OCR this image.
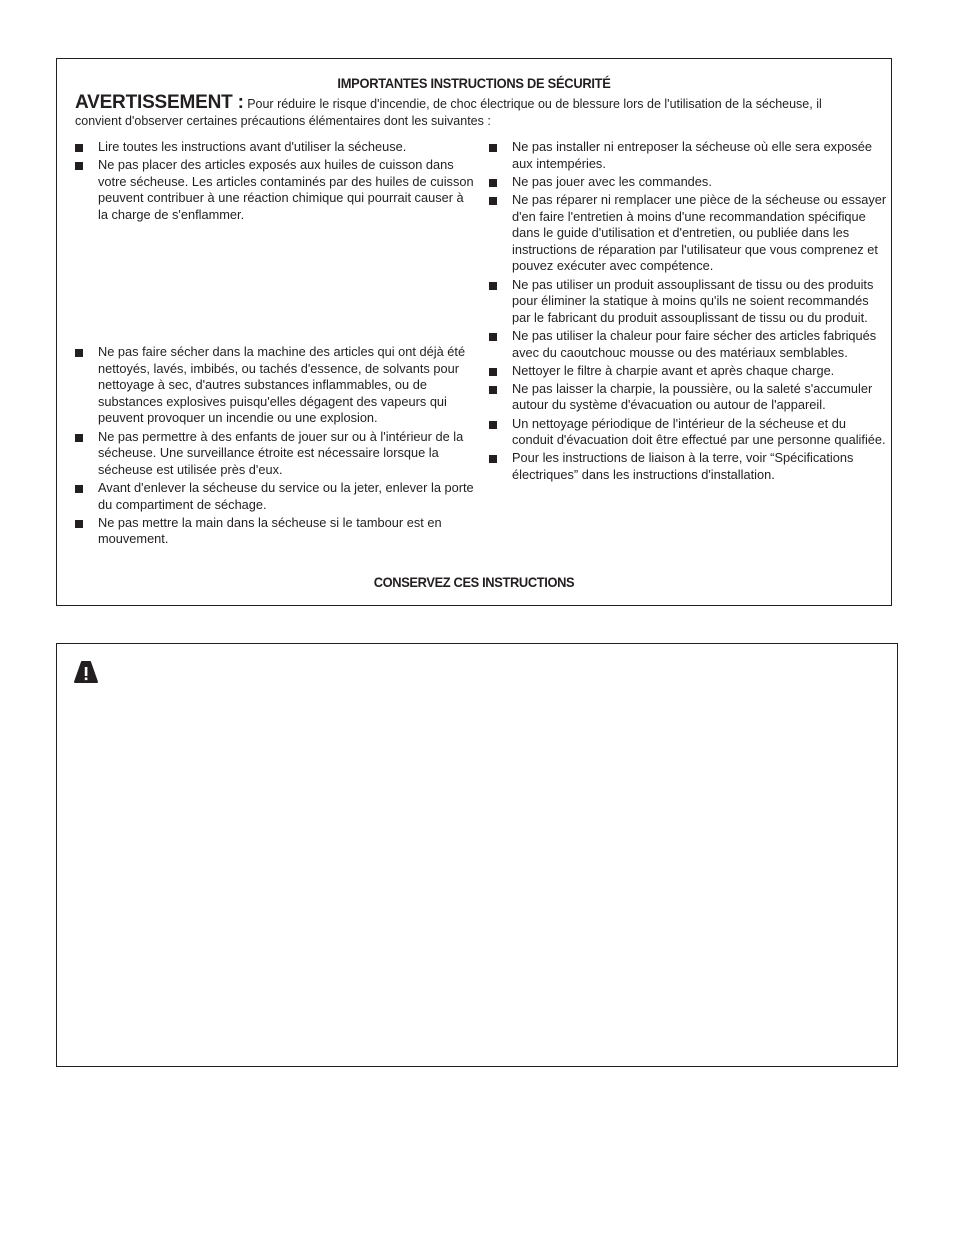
IMPORTANTES INSTRUCTIONS DE SÉCURITÉ
AVERTISSEMENT : Pour réduire le risque d'incendie, de choc électrique ou de blessure lors de l'utilisation de la sécheuse, il convient d'observer certaines précautions élémentaires dont les suivantes :
Lire toutes les instructions avant d'utiliser la sécheuse.
Ne pas placer des articles exposés aux huiles de cuisson dans votre sécheuse. Les articles contaminés par des huiles de cuisson peuvent contribuer à une réaction chimique qui pourrait causer à la charge de s'enflammer.
Ne pas faire sécher dans la machine des articles qui ont déjà été nettoyés, lavés, imbibés, ou tachés d'essence, de solvants pour nettoyage à sec, d'autres substances inflammables, ou de substances explosives puisqu'elles dégagent des vapeurs qui peuvent provoquer un incendie ou une explosion.
Ne pas permettre à des enfants de jouer sur ou à l'intérieur de la sécheuse. Une surveillance étroite est nécessaire lorsque la sécheuse est utilisée près d'eux.
Avant d'enlever la sécheuse du service ou la jeter, enlever la porte du compartiment de séchage.
Ne pas mettre la main dans la sécheuse si le tambour est en mouvement.
Ne pas installer ni entreposer la sécheuse où elle sera exposée aux intempéries.
Ne pas jouer avec les commandes.
Ne pas réparer ni remplacer une pièce de la sécheuse ou essayer d'en faire l'entretien à moins d'une recommandation spécifique dans le guide d'utilisation et d'entretien, ou publiée dans les instructions de réparation par l'utilisateur que vous comprenez et pouvez exécuter avec compétence.
Ne pas utiliser un produit assouplissant de tissu ou des produits pour éliminer la statique à moins qu'ils ne soient recommandés par le fabricant du produit assouplissant de tissu ou du produit.
Ne pas utiliser la chaleur pour faire sécher des articles fabriqués avec du caoutchouc mousse ou des matériaux semblables.
Nettoyer le filtre à charpie avant et après chaque charge.
Ne pas laisser la charpie, la poussière, ou la saleté s'accumuler autour du système d'évacuation ou autour de l'appareil.
Un nettoyage périodique de l'intérieur de la sécheuse et du conduit d'évacuation doit être effectué par une personne qualifiée.
Pour les instructions de liaison à la terre, voir “Spécifications électriques” dans les instructions d'installation.
CONSERVEZ CES INSTRUCTIONS
